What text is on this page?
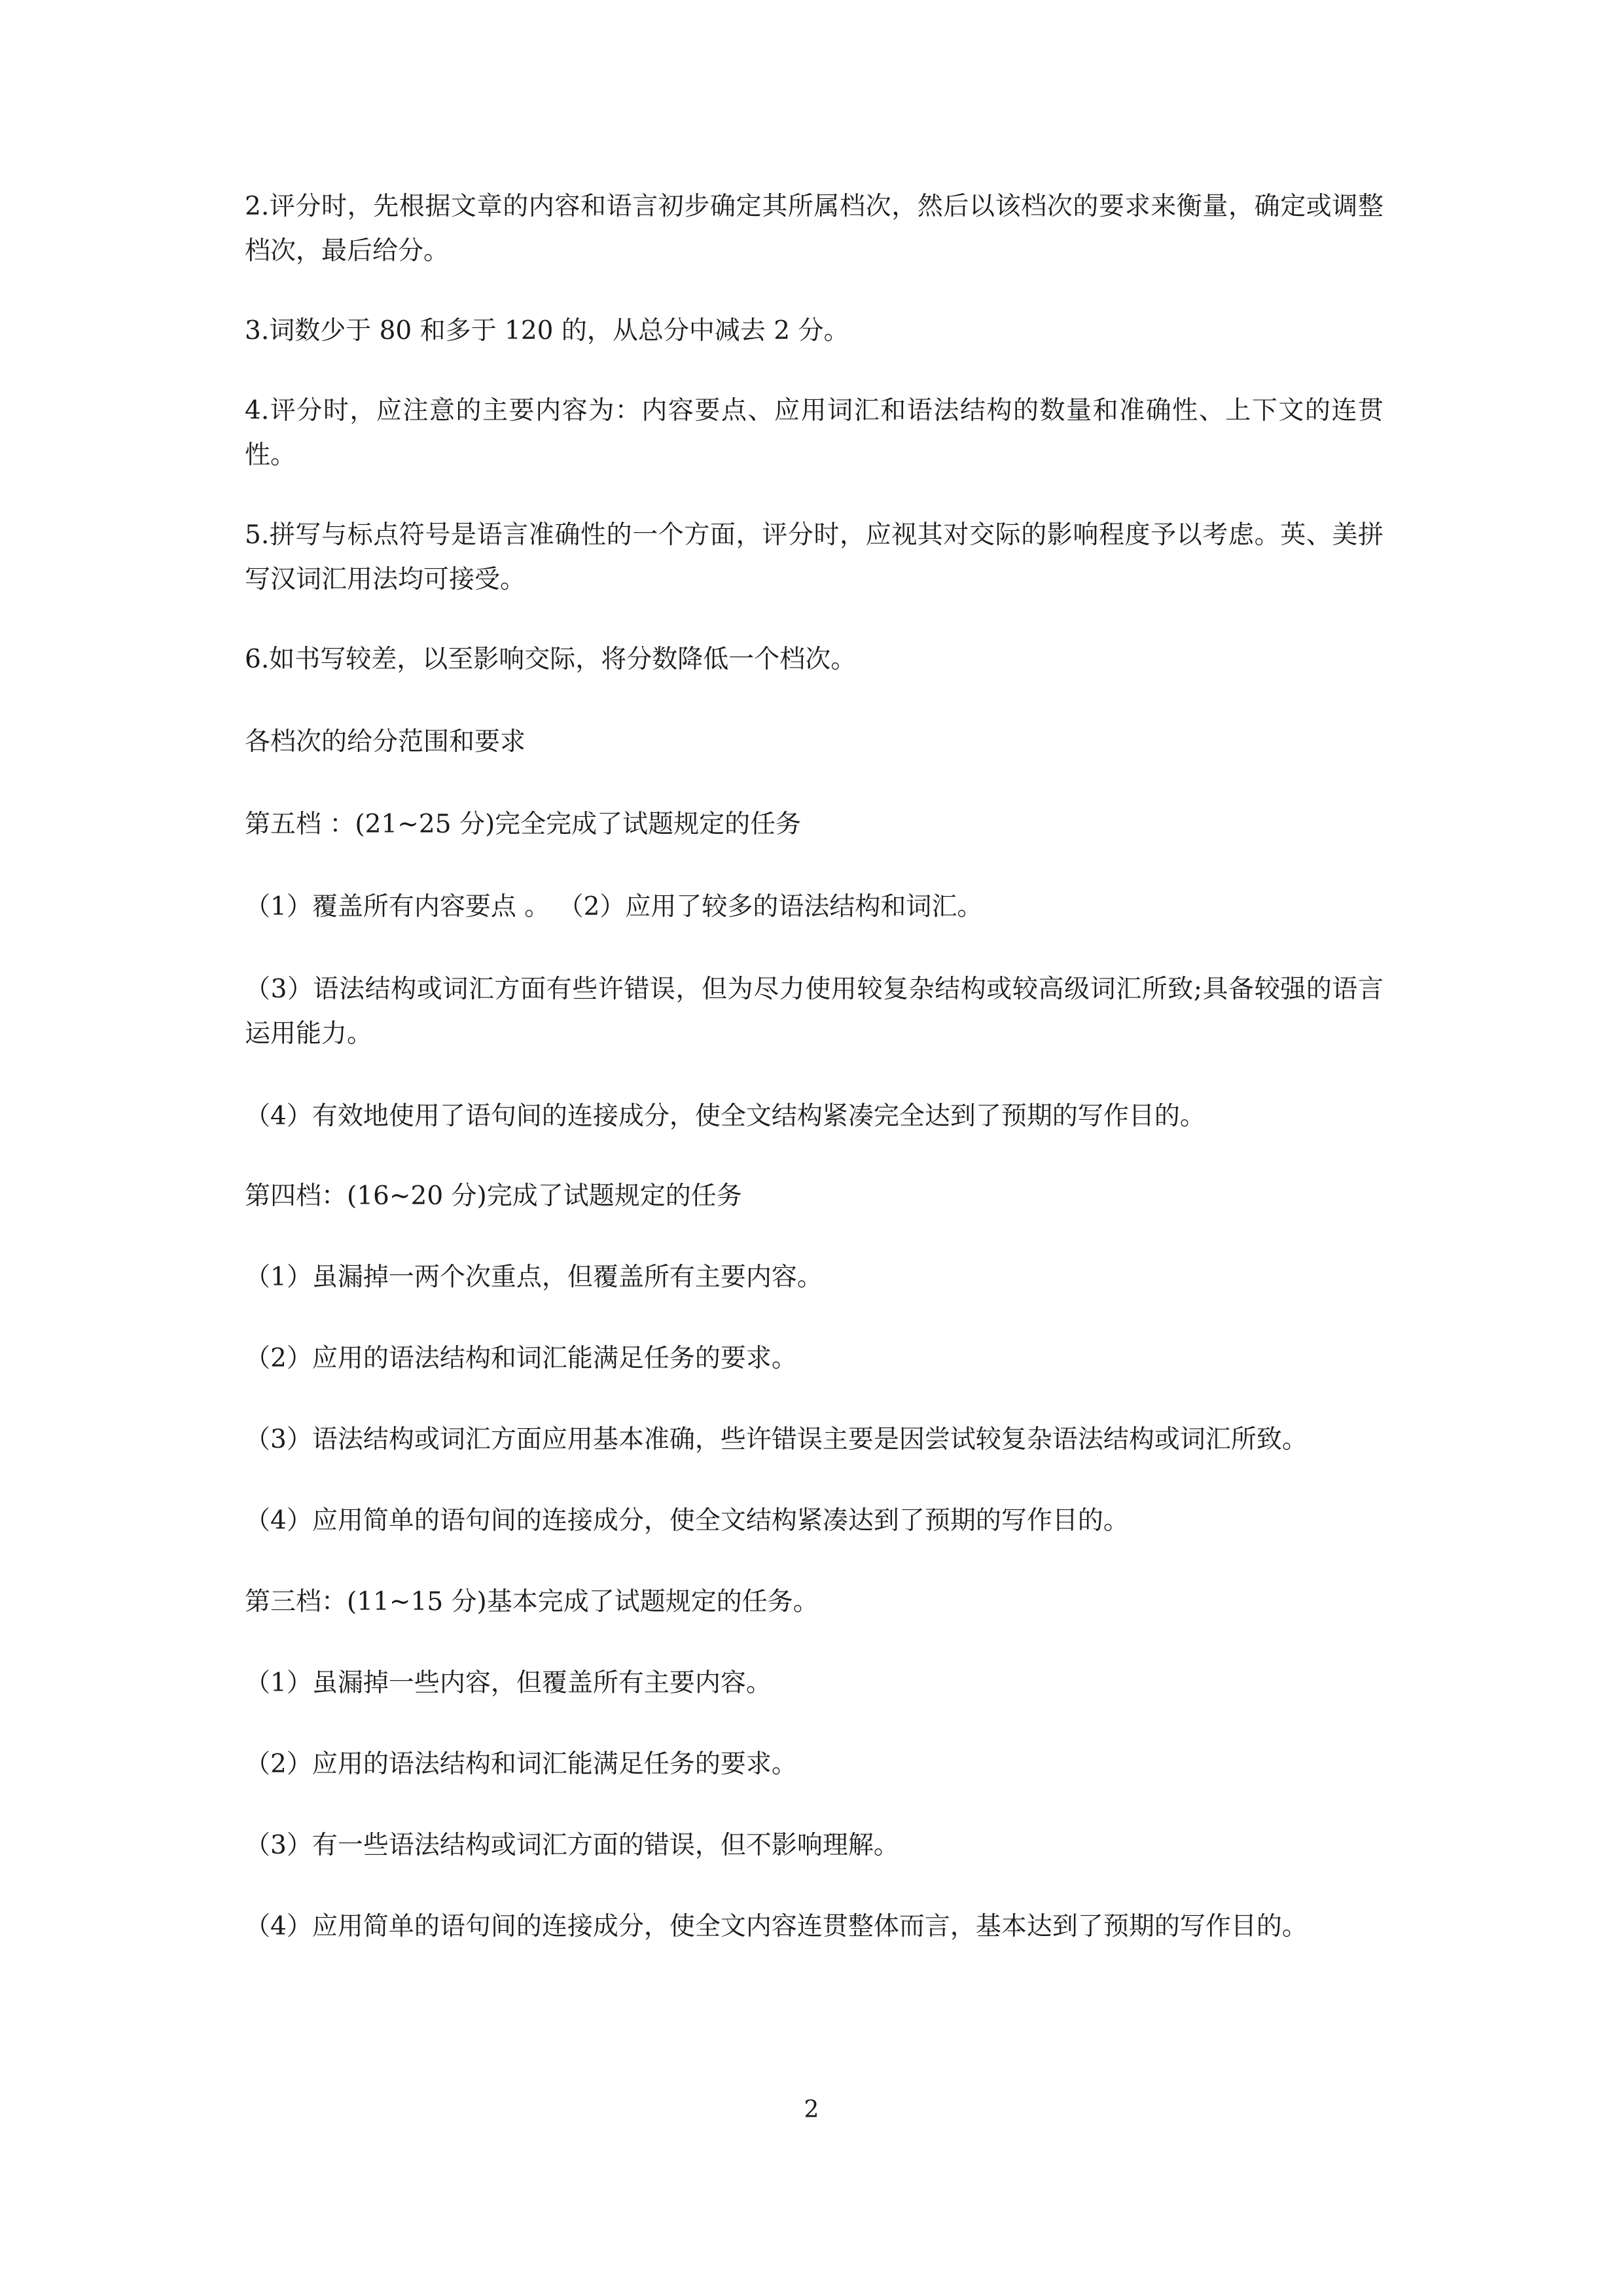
2.评分时，先根据文章的内容和语言初步确定其所属档次，然后以该档次的要求来衡量，确定或调整档次，最后给分。

3.词数少于 80 和多于 120 的，从总分中减去 2 分。

4.评分时，应注意的主要内容为：内容要点、应用词汇和语法结构的数量和准确性、上下文的连贯性。

5.拼写与标点符号是语言准确性的一个方面，评分时，应视其对交际的影响程度予以考虑。英、美拼写汉词汇用法均可接受。

6.如书写较差，以至影响交际，将分数降低一个档次。

各档次的给分范围和要求

第五档 ：(21~25 分)完全完成了试题规定的任务

（1）覆盖所有内容要点 。 （2）应用了较多的语法结构和词汇。

（3）语法结构或词汇方面有些许错误，但为尽力使用较复杂结构或较高级词汇所致;具备较强的语言运用能力。

（4）有效地使用了语句间的连接成分，使全文结构紧凑完全达到了预期的写作目的。

第四档：(16~20 分)完成了试题规定的任务

（1）虽漏掉一两个次重点，但覆盖所有主要内容。

（2）应用的语法结构和词汇能满足任务的要求。

（3）语法结构或词汇方面应用基本准确，些许错误主要是因尝试较复杂语法结构或词汇所致。

（4）应用简单的语句间的连接成分，使全文结构紧凑达到了预期的写作目的。

第三档：(11~15 分)基本完成了试题规定的任务。

（1）虽漏掉一些内容，但覆盖所有主要内容。

（2）应用的语法结构和词汇能满足任务的要求。

（3）有一些语法结构或词汇方面的错误，但不影响理解。

（4）应用简单的语句间的连接成分，使全文内容连贯整体而言，基本达到了预期的写作目的。

2
